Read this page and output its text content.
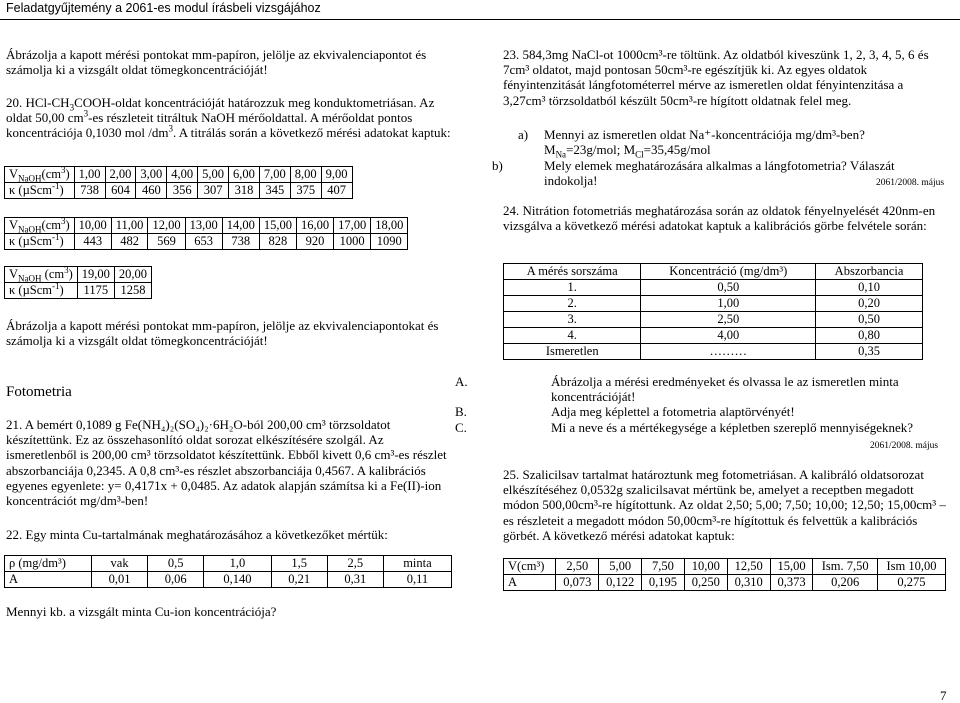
Feladatgyűjtemény a 2061-es modul írásbeli vizsgájához

Ábrázolja a kapott mérési pontokat mm-papíron, jelölje az ekvivalenciapontot és számolja ki a vizsgált oldat tömegkoncentrációját!

20. HCl-$CH_3COOH$-oldat koncentrációját határozzuk meg konduktometriásan. Az oldat 50,00 $cm^3-es$ részleteit titráltuk NaOH mérőoldattal. A mérőoldat pontos koncentrációja 0,1030 mol $/dm^3$. A titrálás során a következő mérési adatokat kaptuk:

$V_{NaOH}(cm^3)$	1,00	2,00	3,00	4,00	5,00	6,00	7,00	8,00	9,00
κ (µScm$^{-1}$)	738	604	460	356	307	318	345	375	407
$V_{NaOH}(cm^3)$	10,00	11,00	12,00	13,00	14,00	15,00	16,00	17,00	18,00
κ (µScm$^{-1}$)	443	482	569	653	738	828	920	1000	1090
$V_{NaOH}$ $(cm^3)$	19,00	20,00
κ (µScm$^{-1}$)	1175	1258

Ábrázolja a kapott mérési pontokat mm-papíron, jelölje az ekvivalenciapontokat és számolja ki a vizsgált oldat tömegkoncentrációját!

Fotometria

21. A bemért 0,1089 g Fe(NH₄)₂(SO₄)₂·6H₂O-ból 200,00 cm³ törzsoldatot készítettünk. Ez az összehasonlító oldat sorozat elkészítésére szolgál. Az ismeretlenből is 200,00 cm³ törzsoldatot készítettünk. Ebből kivett 0,6 cm³-es részlet abszorbanciája 0,2345. A 0,8 cm³-es részlet abszorbanciája 0,4567. A kalibrációs egyenes egyenlete: y= 0,4171x + 0,0485. Az adatok alapján számítsa ki a Fe(II)-ion koncentrációt mg/dm³-ben!

22. Egy minta Cu-tartalmának meghatározásához a következőket mértük:

ρ (mg/dm³)	vak	0,5	1,0	1,5	2,5	minta
A	0,01	0,06	0,140	0,21	0,31	0,11

Mennyi kb. a vizsgált minta Cu-ion koncentrációja?

23. 584,3mg NaCl-ot 1000cm³-re töltünk. Az oldatból kiveszünk 1, 2, 3, 4, 5, 6 és 7cm³ oldatot, majd pontosan 50cm³-re egészítjük ki. Az egyes oldatok fényintenzitását lángfotométerrel mérve az ismeretlen oldat fényintenzitása a 3,27cm³ törzsoldatból készült 50cm³-re hígított oldatnak felel meg.

a) Mennyi az ismeretlen oldat Na⁺-koncentrációja mg/dm³-ben?

$M_{Na}=23g$/mol; $M_{Cl}=35,45g$/mol

b)	Mely elemek meghatározására alkalmas a lángfotometria? Válaszát indokolja!	2061/2008. május

24. Nitrátion fotometriás meghatározása során az oldatok fényelnyelését 420nm-en vizsgálva a következő mérési adatokat kaptuk a kalibrációs görbe felvétele során:

A mérés sorszáma	Koncentráció (mg/dm³)	Abszorbancia
1.	0,50	0,10
2.	1,00	0,20
3.	2,50	0,50
4.	4,00	0,80
Ismeretlen	………	0,35

A.	Ábrázolja a mérési eredményeket és olvassa le az ismeretlen minta koncentrációját!

B.	Adja meg képlettel a fotometria alaptörvényét!

C.	Mi a neve és a mértékegysége a képletben szereplő mennyiségeknek?

2061/2008. május

25. Szalicilsav tartalmat határoztunk meg fotometriásan. A kalibráló oldatsorozat elkészítéséhez 0,0532g szalicilsavat mértünk be, amelyet a receptben megadott módon 500,00cm³-re hígítottunk. Az oldat 2,50; 5,00; 7,50; 10,00; 12,50; 15,00cm³ –es részleteit a megadott módon 50,00cm³-re hígítottuk és felvettük a kalibrációs görbét. A következő mérési adatokat kaptuk:

V(cm³)	2,50	5,00	7,50	10,00	12,50	15,00	Ism. 7,50	Ism 10,00
A	0,073	0,122	0,195	0,250	0,310	0,373	0,206	0,275

7
